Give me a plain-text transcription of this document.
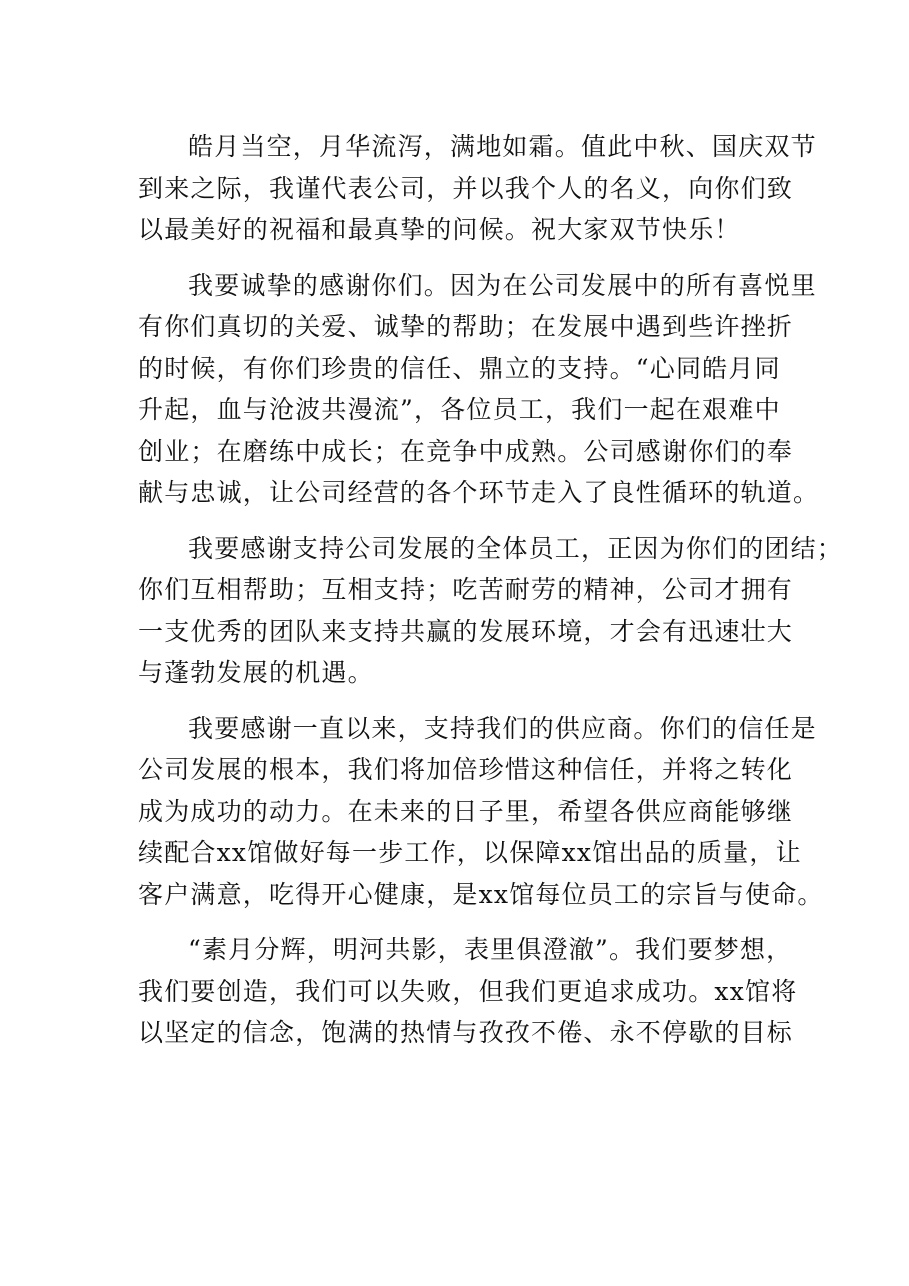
皓月当空，月华流泻，满地如霜。值此中秋、国庆双节
到来之际，我谨代表公司，并以我个人的名义，向你们致
以最美好的祝福和最真挚的问候。祝大家双节快乐！

我要诚挚的感谢你们。因为在公司发展中的所有喜悦里
有你们真切的关爱、诚挚的帮助；在发展中遇到些许挫折
的时候，有你们珍贵的信任、鼎立的支持。“心同皓月同
升起，血与沧波共漫流”，各位员工，我们一起在艰难中
创业；在磨练中成长；在竞争中成熟。公司感谢你们的奉
献与忠诚，让公司经营的各个环节走入了良性循环的轨道。

我要感谢支持公司发展的全体员工，正因为你们的团结；
你们互相帮助；互相支持；吃苦耐劳的精神，公司才拥有
一支优秀的团队来支持共赢的发展环境，才会有迅速壮大
与蓬勃发展的机遇。

我要感谢一直以来，支持我们的供应商。你们的信任是
公司发展的根本，我们将加倍珍惜这种信任，并将之转化
成为成功的动力。在未来的日子里，希望各供应商能够继
续配合xx馆做好每一步工作，以保障xx馆出品的质量，让
客户满意，吃得开心健康，是xx馆每位员工的宗旨与使命。

“素月分辉，明河共影，表里俱澄澈”。我们要梦想，
我们要创造，我们可以失败，但我们更追求成功。xx馆将
以坚定的信念，饱满的热情与孜孜不倦、永不停歇的目标
